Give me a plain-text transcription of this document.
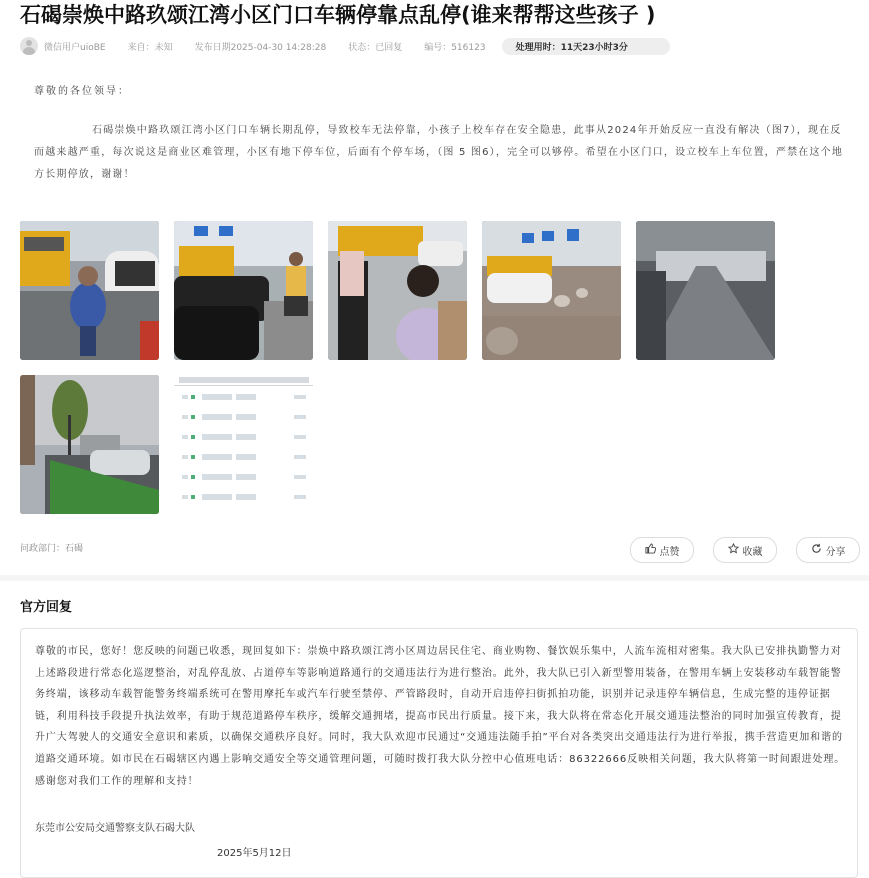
石碣崇焕中路玖颂江湾小区门口车辆停靠点乱停(谁来帮帮这些孩子 )
微信用户uioBE 来自：未知 发布日期2025-04-30 14:28:28 状态：已回复 编号：516123	处理用时：11天23小时3分
尊敬的各位领导：
石碣崇焕中路玖颂江湾小区门口车辆长期乱停，导致校车无法停靠，小孩子上校车存在安全隐患，此事从2024年开始反应一直没有解决（图7），现在反而越来越严重，每次说这是商业区难管理，小区有地下停车位，后面有个停车场，（图 5 图6），完全可以够停。希望在小区门口，设立校车上车位置，严禁在这个地方长期停放，谢谢！
问政部门：石碣	点赞	收藏	分享
官方回复
尊敬的市民，您好！您反映的问题已收悉，现回复如下：崇焕中路玖颂江湾小区周边居民住宅、商业购物、餐饮娱乐集中，人流车流相对密集。我大队已安排执勤警力对上述路段进行常态化巡逻整治，对乱停乱放、占道停车等影响道路通行的交通违法行为进行整治。此外，我大队已引入新型警用装备，在警用车辆上安装移动车载智能警务终端，该移动车载智能警务终端系统可在警用摩托车或汽车行驶至禁停、严管路段时，自动开启违停扫街抓拍功能，识别并记录违停车辆信息，生成完整的违停证据链，利用科技手段提升执法效率，有助于规范道路停车秩序，缓解交通拥堵，提高市民出行质量。接下来，我大队将在常态化开展交通违法整治的同时加强宣传教育，提升广大驾驶人的交通安全意识和素质，以确保交通秩序良好。同时，我大队欢迎市民通过“交通违法随手拍”平台对各类突出交通违法行为进行举报，携手营造更加和谐的道路交通环境。如市民在石碣辖区内遇上影响交通安全等交通管理问题，可随时拨打我大队分控中心值班电话：86322666反映相关问题，我大队将第一时间跟进处理。
感谢您对我们工作的理解和支持！
东莞市公安局交通警察支队石碣大队
2025年5月12日
